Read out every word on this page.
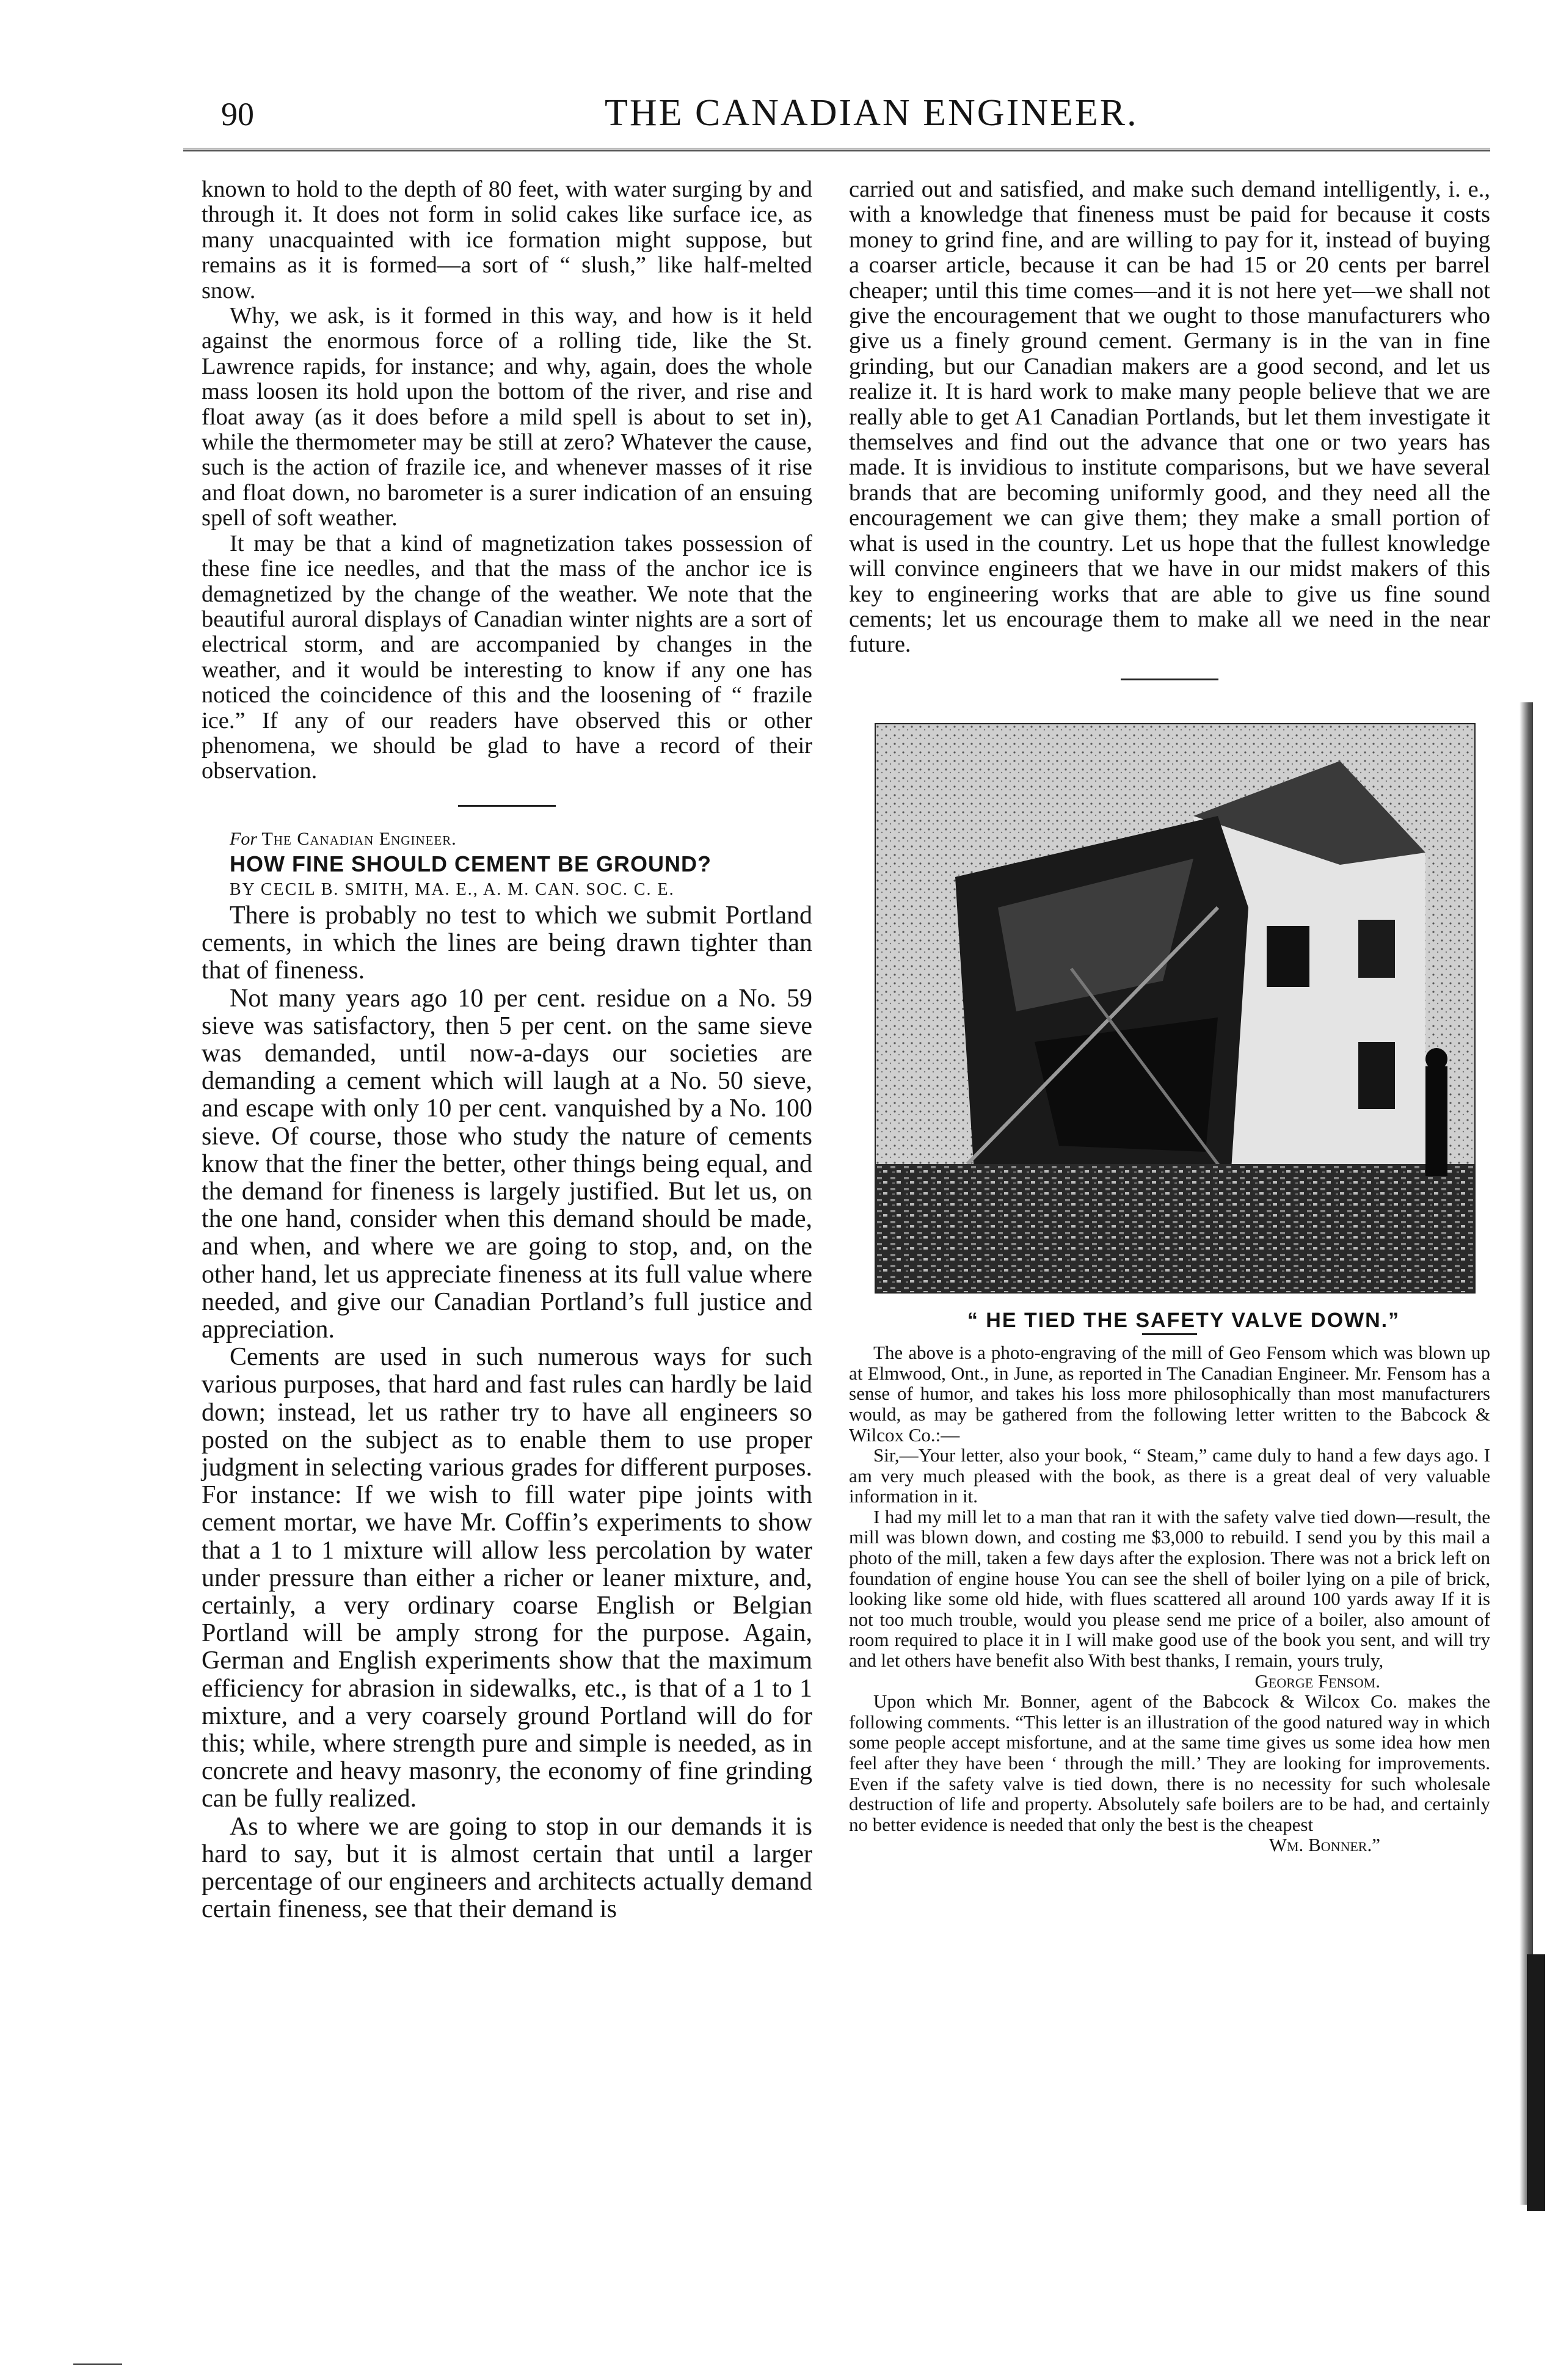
90	THE CANADIAN ENGINEER.

known to hold to the depth of 80 feet, with water surging by and through it. It does not form in solid cakes like surface ice, as many unacquainted with ice formation might suppose, but remains as it is formed—a sort of “ slush,” like half-melted snow.

Why, we ask, is it formed in this way, and how is it held against the enormous force of a rolling tide, like the St. Lawrence rapids, for instance; and why, again, does the whole mass loosen its hold upon the bottom of the river, and rise and float away (as it does before a mild spell is about to set in), while the thermometer may be still at zero? Whatever the cause, such is the action of frazile ice, and whenever masses of it rise and float down, no barometer is a surer indication of an ensuing spell of soft weather.

It may be that a kind of magnetization takes possession of these fine ice needles, and that the mass of the anchor ice is demagnetized by the change of the weather. We note that the beautiful auroral displays of Canadian winter nights are a sort of electrical storm, and are accompanied by changes in the weather, and it would be interesting to know if any one has noticed the coincidence of this and the loosening of “ frazile ice.” If any of our readers have observed this or other phenomena, we should be glad to have a record of their observation.

For The Canadian Engineer.

HOW FINE SHOULD CEMENT BE GROUND?

BY CECIL B. SMITH, MA. E., A. M. CAN. SOC. C. E.

There is probably no test to which we submit Portland cements, in which the lines are being drawn tighter than that of fineness.

Not many years ago 10 per cent. residue on a No. 59 sieve was satisfactory, then 5 per cent. on the same sieve was demanded, until now-a-days our societies are demanding a cement which will laugh at a No. 50 sieve, and escape with only 10 per cent. vanquished by a No. 100 sieve. Of course, those who study the nature of cements know that the finer the better, other things being equal, and the demand for fineness is largely justified. But let us, on the one hand, consider when this demand should be made, and when, and where we are going to stop, and, on the other hand, let us appreciate fineness at its full value where needed, and give our Canadian Portland’s full justice and appreciation.

Cements are used in such numerous ways for such various purposes, that hard and fast rules can hardly be laid down; instead, let us rather try to have all engineers so posted on the subject as to enable them to use proper judgment in selecting various grades for different purposes. For instance: If we wish to fill water pipe joints with cement mortar, we have Mr. Coffin’s experiments to show that a 1 to 1 mixture will allow less percolation by water under pressure than either a richer or leaner mixture, and, certainly, a very ordinary coarse English or Belgian Portland will be amply strong for the purpose. Again, German and English experiments show that the maximum efficiency for abrasion in sidewalks, etc., is that of a 1 to 1 mixture, and a very coarsely ground Portland will do for this; while, where strength pure and simple is needed, as in concrete and heavy masonry, the economy of fine grinding can be fully realized.

As to where we are going to stop in our demands it is hard to say, but it is almost certain that until a larger percentage of our engineers and architects actually demand certain fineness, see that their demand is

carried out and satisfied, and make such demand intelligently, i. e., with a knowledge that fineness must be paid for because it costs money to grind fine, and are willing to pay for it, instead of buying a coarser article, because it can be had 15 or 20 cents per barrel cheaper; until this time comes—and it is not here yet—we shall not give the encouragement that we ought to those manufacturers who give us a finely ground cement. Germany is in the van in fine grinding, but our Canadian makers are a good second, and let us realize it. It is hard work to make many people believe that we are really able to get A1 Canadian Portlands, but let them investigate it themselves and find out the advance that one or two years has made. It is invidious to institute comparisons, but we have several brands that are becoming uniformly good, and they need all the encouragement we can give them; they make a small portion of what is used in the country. Let us hope that the fullest knowledge will convince engineers that we have in our midst makers of this key to engineering works that are able to give us fine sound cements; let us encourage them to make all we need in the near future.

“ HE TIED THE SAFETY VALVE DOWN.”

The above is a photo-engraving of the mill of Geo Fensom which was blown up at Elmwood, Ont., in June, as reported in The Canadian Engineer. Mr. Fensom has a sense of humor, and takes his loss more philosophically than most manufacturers would, as may be gathered from the following letter written to the Babcock & Wilcox Co.:—

Sir,—Your letter, also your book, “ Steam,” came duly to hand a few days ago. I am very much pleased with the book, as there is a great deal of very valuable information in it.

I had my mill let to a man that ran it with the safety valve tied down—result, the mill was blown down, and costing me $3,000 to rebuild. I send you by this mail a photo of the mill, taken a few days after the explosion. There was not a brick left on foundation of engine house You can see the shell of boiler lying on a pile of brick, looking like some old hide, with flues scattered all around 100 yards away If it is not too much trouble, would you please send me price of a boiler, also amount of room required to place it in I will make good use of the book you sent, and will try and let others have benefit also With best thanks, I remain, yours truly,

George Fensom.

Upon which Mr. Bonner, agent of the Babcock & Wilcox Co. makes the following comments. “This letter is an illustration of the good natured way in which some people accept misfortune, and at the same time gives us some idea how men feel after they have been ‘ through the mill.’ They are looking for improvements. Even if the safety valve is tied down, there is no necessity for such wholesale destruction of life and property. Absolutely safe boilers are to be had, and certainly no better evidence is needed that only the best is the cheapest

Wm. Bonner.”
